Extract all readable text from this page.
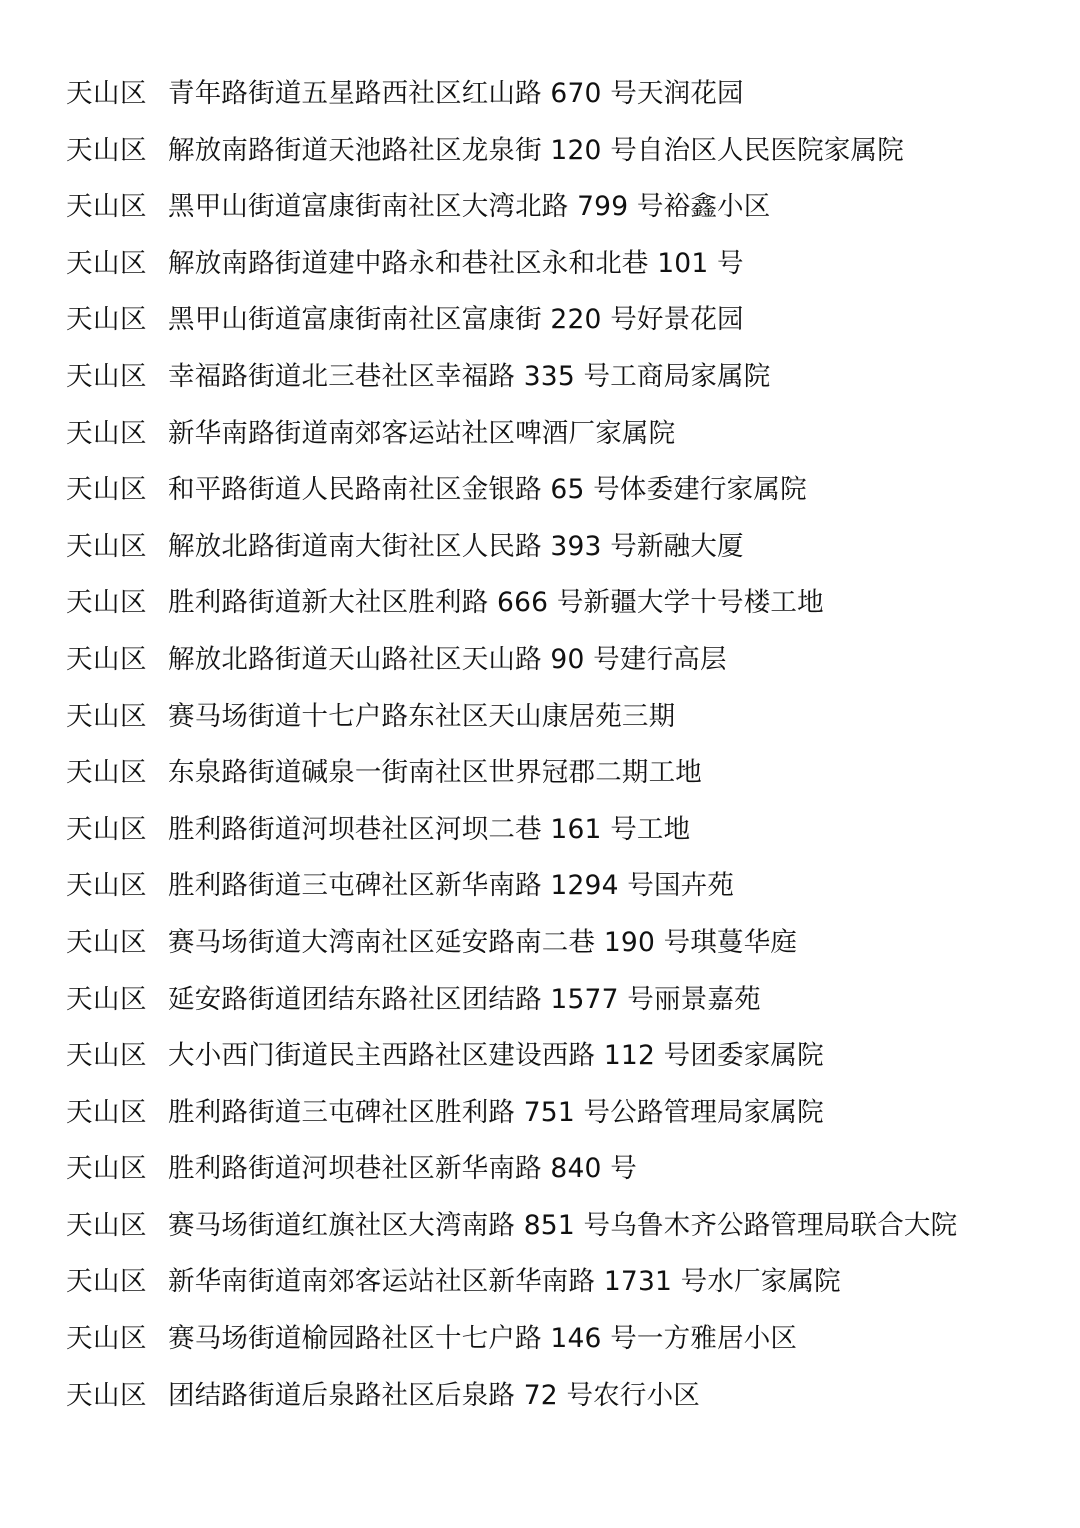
天山区 青年路街道五星路西社区红山路 670 号天润花园
天山区 解放南路街道天池路社区龙泉街 120 号自治区人民医院家属院
天山区 黑甲山街道富康街南社区大湾北路 799 号裕鑫小区
天山区 解放南路街道建中路永和巷社区永和北巷 101 号
天山区 黑甲山街道富康街南社区富康街 220 号好景花园
天山区 幸福路街道北三巷社区幸福路 335 号工商局家属院
天山区 新华南路街道南郊客运站社区啤酒厂家属院
天山区 和平路街道人民路南社区金银路 65 号体委建行家属院
天山区 解放北路街道南大街社区人民路 393 号新融大厦
天山区 胜利路街道新大社区胜利路 666 号新疆大学十号楼工地
天山区 解放北路街道天山路社区天山路 90 号建行高层
天山区 赛马场街道十七户路东社区天山康居苑三期
天山区 东泉路街道碱泉一街南社区世界冠郡二期工地
天山区 胜利路街道河坝巷社区河坝二巷 161 号工地
天山区 胜利路街道三屯碑社区新华南路 1294 号国卉苑
天山区 赛马场街道大湾南社区延安路南二巷 190 号琪蔓华庭
天山区 延安路街道团结东路社区团结路 1577 号丽景嘉苑
天山区 大小西门街道民主西路社区建设西路 112 号团委家属院
天山区 胜利路街道三屯碑社区胜利路 751 号公路管理局家属院
天山区 胜利路街道河坝巷社区新华南路 840 号
天山区 赛马场街道红旗社区大湾南路 851 号乌鲁木齐公路管理局联合大院
天山区 新华南街道南郊客运站社区新华南路 1731 号水厂家属院
天山区 赛马场街道榆园路社区十七户路 146 号一方雅居小区
天山区 团结路街道后泉路社区后泉路 72 号农行小区
